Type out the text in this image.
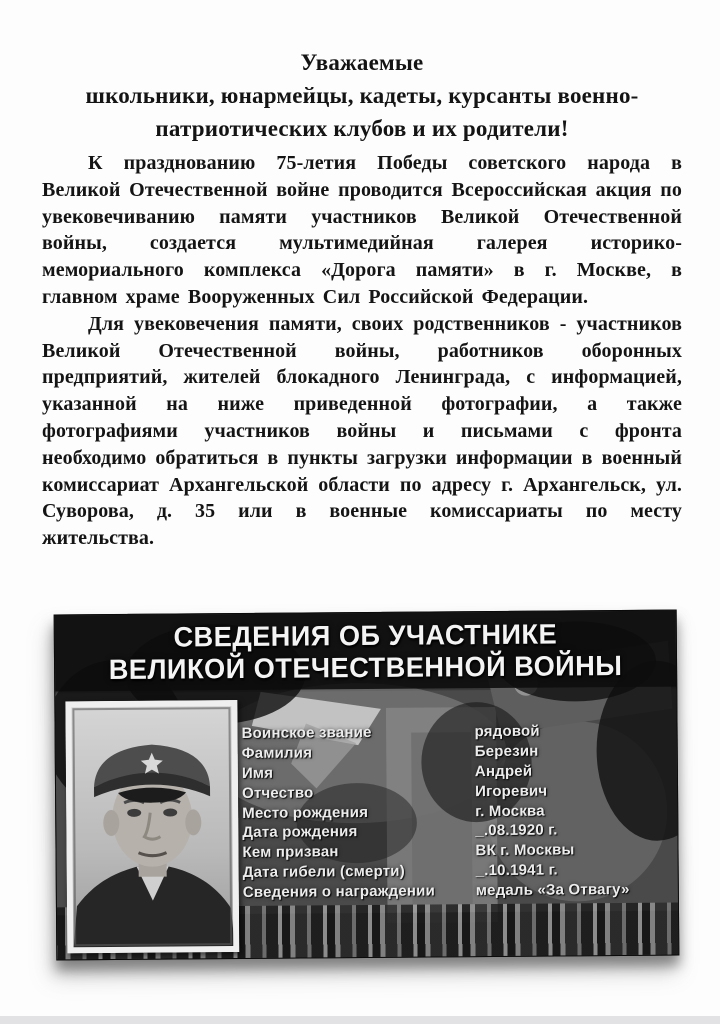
Уважаемые
школьники, юнармейцы, кадеты, курсанты военно-
патриотических клубов и их родители!

К празднованию 75-летия Победы советского народа в Великой Отечественной войне проводится Всероссийская акция по увековечиванию памяти участников Великой Отечественной войны, создается мультимедийная галерея историко-мемориального комплекса «Дорога памяти» в г. Москве, в главном храме Вооруженных Сил Российской Федерации.

Для увековечения памяти, своих родственников - участников Великой Отечественной войны, работников оборонных предприятий, жителей блокадного Ленинграда, с информацией, указанной на ниже приведенной фотографии, а также фотографиями участников войны и письмами с фронта необходимо обратиться в пункты загрузки информации в военный комиссариат Архангельской области по адресу г. Архангельск, ул. Суворова, д. 35 или в военные комиссариаты по месту жительства.

СВЕДЕНИЯ ОБ УЧАСТНИКЕ
ВЕЛИКОЙ ОТЕЧЕСТВЕННОЙ ВОЙНЫ
Воинское звание	рядовой
Фамилия	Березин
Имя	Андрей
Отчество	Игоревич
Место рождения	г. Москва
Дата рождения	_.08.1920 г.
Кем призван	ВК г. Москвы
Дата гибели (смерти)	_.10.1941 г.
Сведения о награждении	медаль «За Отвагу»
